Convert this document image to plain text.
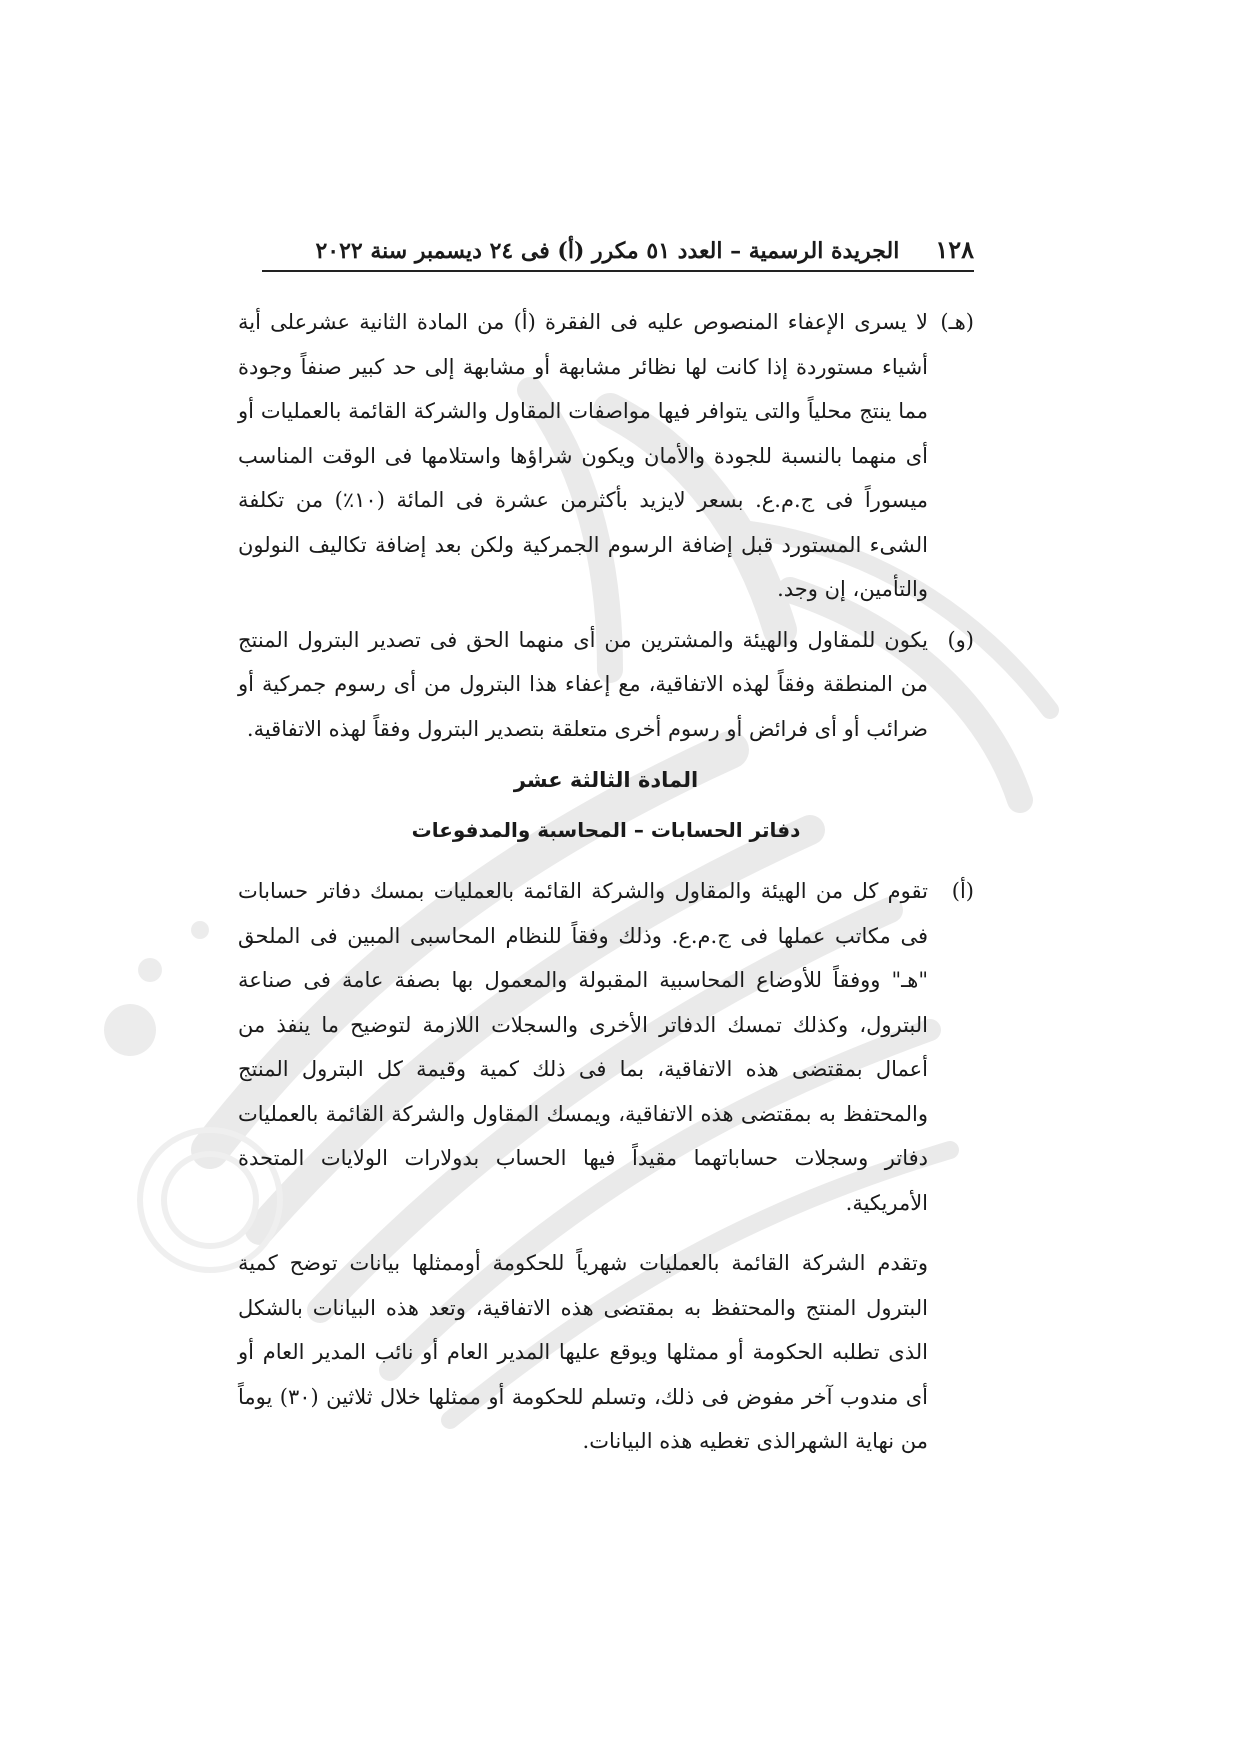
١٢٨
الجريدة الرسمية – العدد ٥١ مكرر (أ) فى ٢٤ ديسمبر سنة ٢٠٢٢
(هـ)
لا يسرى الإعفاء المنصوص عليه فى الفقرة (أ) من المادة الثانية عشرعلى أية أشياء مستوردة إذا كانت لها نظائر مشابهة أو مشابهة إلى حد كبير صنفاً وجودة مما ينتج محلياً والتى يتوافر فيها مواصفات المقاول والشركة القائمة بالعمليات أو أى منهما بالنسبة للجودة والأمان ويكون شراؤها واستلامها فى الوقت المناسب ميسوراً فى ج.م.ع. بسعر لايزيد بأكثرمن عشرة فى المائة (١٠٪) من تكلفة الشىء المستورد قبل إضافة الرسوم الجمركية ولكن بعد إضافة تكاليف النولون والتأمين، إن وجد.
(و)
يكون للمقاول والهيئة والمشترين من أى منهما الحق فى تصدير البترول المنتج من المنطقة وفقاً لهذه الاتفاقية، مع إعفاء هذا البترول من أى رسوم جمركية أو ضرائب أو أى فرائض أو رسوم أخرى متعلقة بتصدير البترول وفقاً لهذه الاتفاقية.
المادة الثالثة عشر
دفاتر الحسابات – المحاسبة والمدفوعات
(أ)
تقوم كل من الهيئة والمقاول والشركة القائمة بالعمليات بمسك دفاتر حسابات فى مكاتب عملها فى ج.م.ع. وذلك وفقاً للنظام المحاسبى المبين فى الملحق "هـ" ووفقاً للأوضاع المحاسبية المقبولة والمعمول بها بصفة عامة فى صناعة البترول، وكذلك تمسك الدفاتر الأخرى والسجلات اللازمة لتوضيح ما ينفذ من أعمال بمقتضى هذه الاتفاقية، بما فى ذلك كمية وقيمة كل البترول المنتج والمحتفظ به بمقتضى هذه الاتفاقية، ويمسك المقاول والشركة القائمة بالعمليات دفاتر وسجلات حساباتهما مقيداً فيها الحساب بدولارات الولايات المتحدة الأمريكية.

وتقدم الشركة القائمة بالعمليات شهرياً للحكومة أوممثلها بيانات توضح كمية البترول المنتج والمحتفظ به بمقتضى هذه الاتفاقية، وتعد هذه البيانات بالشكل الذى تطلبه الحكومة أو ممثلها ويوقع عليها المدير العام أو نائب المدير العام أو أى مندوب آخر مفوض فى ذلك، وتسلم للحكومة أو ممثلها خلال ثلاثين (٣٠) يوماً من نهاية الشهرالذى تغطيه هذه البيانات.
